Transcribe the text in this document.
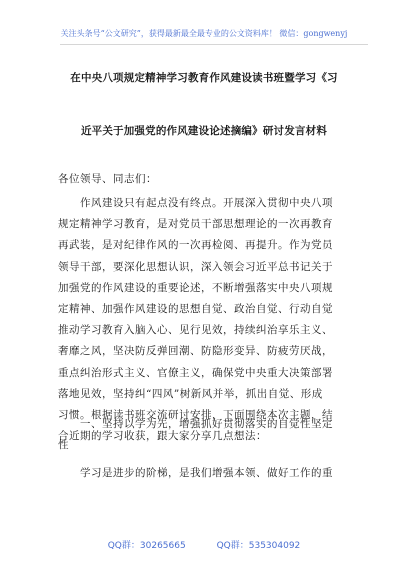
关注头条号“公文研究”，获得最新最全最专业的公文资料库！ 微信：gongwenyj
在中央八项规定精神学习教育作风建设读书班暨学习《习
近平关于加强党的作风建设论述摘编》研讨发言材料
各位领导、同志们：
　　作风建设只有起点没有终点。开展深入贯彻中央八项
规定精神学习教育，是对党员干部思想理论的一次再教育
再武装，是对纪律作风的一次再检阅、再提升。作为党员
领导干部，要深化思想认识，深入领会习近平总书记关于
加强党的作风建设的重要论述，不断增强落实中央八项规
定精神、加强作风建设的思想自觉、政治自觉、行动自觉
推动学习教育入脑入心、见行见效，持续纠治享乐主义、
奢靡之风，坚决防反弹回潮、防隐形变异、防疲劳厌战，
重点纠治形式主义、官僚主义，确保党中央重大决策部署
落地见效，坚持纠“四风”树新风并举，抓出自觉、形成
习惯。根据读书班交流研讨安排，下面围绕本次主题，结
合近期的学习收获，跟大家分享几点想法：
　　一、坚持以学为先，增强抓好贯彻落实的自觉性坚定
性
　　学习是进步的阶梯，是我们增强本领、做好工作的重
QQ群：30265665	QQ群：535304092
